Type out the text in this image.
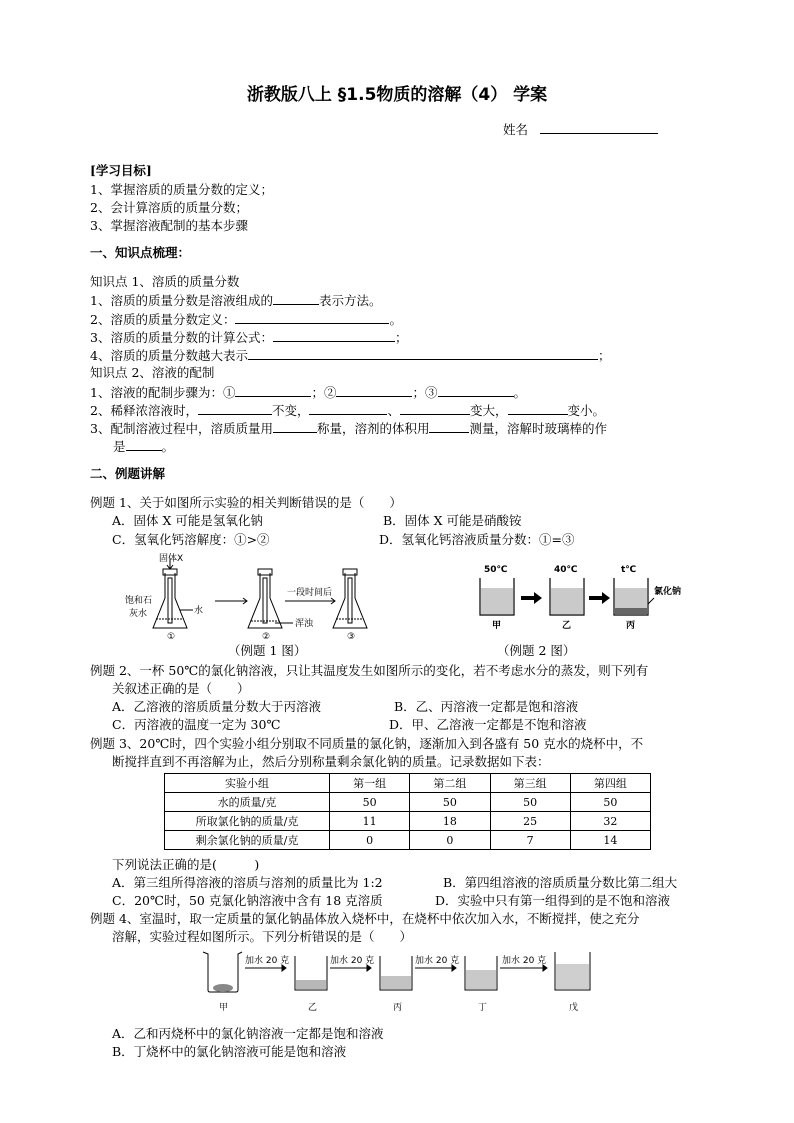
浙教版八上 §1.5物质的溶解（4） 学案
姓名
[学习目标]
1、掌握溶质的质量分数的定义；
2、会计算溶质的质量分数；
3、掌握溶液配制的基本步骤
一、知识点梳理：
知识点 1、溶质的质量分数
1、溶质的质量分数是溶液组成的	表示方法。
2、溶质的质量分数定义：	。
3、溶质的质量分数的计算公式：	；
4、溶质的质量分数越大表示	；
知识点 2、溶液的配制
1、溶液的配制步骤为：①	；②	；③	。
2、稀释浓溶液时，	不变，	、	变大，	变小。
3、配制溶液过程中，溶质质量用	称量，溶剂的体积用	测量，溶解时玻璃棒的作
是	。
二、例题讲解
例题 1、关于如图所示实验的相关判断错误的是（　　）
A．固体 X 可能是氢氧化钠	B．固体 X 可能是硝酸铵
C．氢氧化钙溶解度：①>②	D．氢氧化钙溶液质量分数：①=③
固体X
饱和石
灰水	水
一段时间后
浑浊
①	②	③
（例题 1 图）
50℃	40℃	t℃
氯化钠
甲	乙	丙
（例题 2 图）
例题 2、一杯 50℃的氯化钠溶液，只让其温度发生如图所示的变化，若不考虑水分的蒸发，则下列有
关叙述正确的是（　　）
A．乙溶液的溶质质量分数大于丙溶液	B．乙、丙溶液一定都是饱和溶液
C．丙溶液的温度一定为 30℃	D．甲、乙溶液一定都是不饱和溶液
例题 3、20℃时，四个实验小组分别取不同质量的氯化钠，逐渐加入到各盛有 50 克水的烧杯中，不
断搅拌直到不再溶解为止，然后分别称量剩余氯化钠的质量。记录数据如下表：
实验小组	第一组	第二组	第三组	第四组
水的质量/克	50	50	50	50
所取氯化钠的质量/克	11	18	25	32
剩余氯化钠的质量/克	0	0	7	14
下列说法正确的是(　　　)
A．第三组所得溶液的溶质与溶剂的质量比为 1:2	B．第四组溶液的溶质质量分数比第二组大
C．20℃时，50 克氯化钠溶液中含有 18 克溶质	D．实验中只有第一组得到的是不饱和溶液
例题 4、室温时，取一定质量的氯化钠晶体放入烧杯中，在烧杯中依次加入水，不断搅拌，使之充分
溶解，实验过程如图所示。下列分析错误的是（　　）
加水 20 克	加水 20 克	加水 20 克	加水 20 克
甲	乙	丙	丁	戊
A．乙和丙烧杯中的氯化钠溶液一定都是饱和溶液
B．丁烧杯中的氯化钠溶液可能是饱和溶液
